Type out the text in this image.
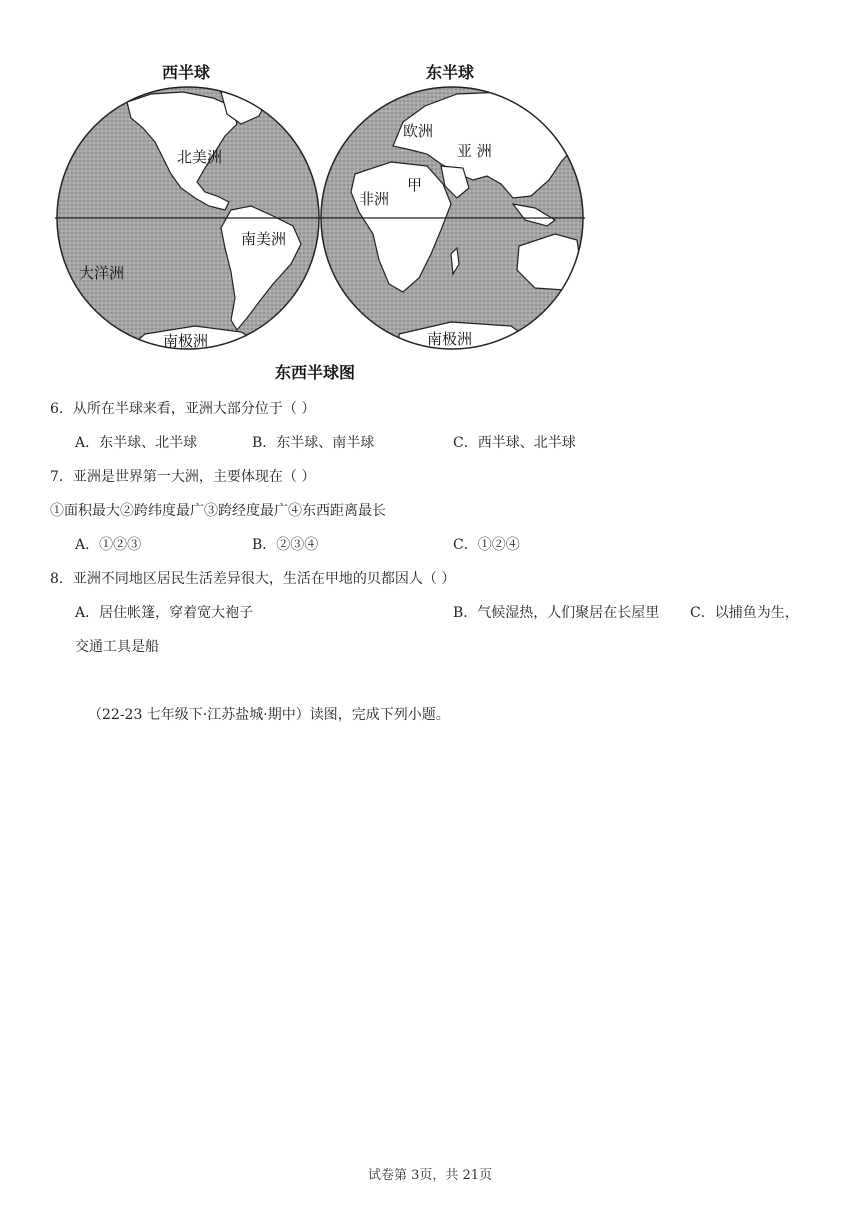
西半球	东半球
北美洲
南美洲
大洋洲
南极洲
欧洲
亚 洲
非洲
甲
南极洲
东西半球图
6．从所在半球来看，亚洲大部分位于（ ）
A．东半球、北半球	B．东半球、南半球	C．西半球、北半球
7．亚洲是世界第一大洲，主要体现在（ ）
①面积最大②跨纬度最广③跨经度最广④东西距离最长
A．①②③	B．②③④	C．①②④
8．亚洲不同地区居民生活差异很大，生活在甲地的贝都因人（ ）
A．居住帐篷，穿着宽大袍子	B．气候湿热，人们聚居在长屋里 C．以捕鱼为生，
交通工具是船
（22-23 七年级下·江苏盐城·期中）读图，完成下列小题。
试卷第 3页，共 21页
